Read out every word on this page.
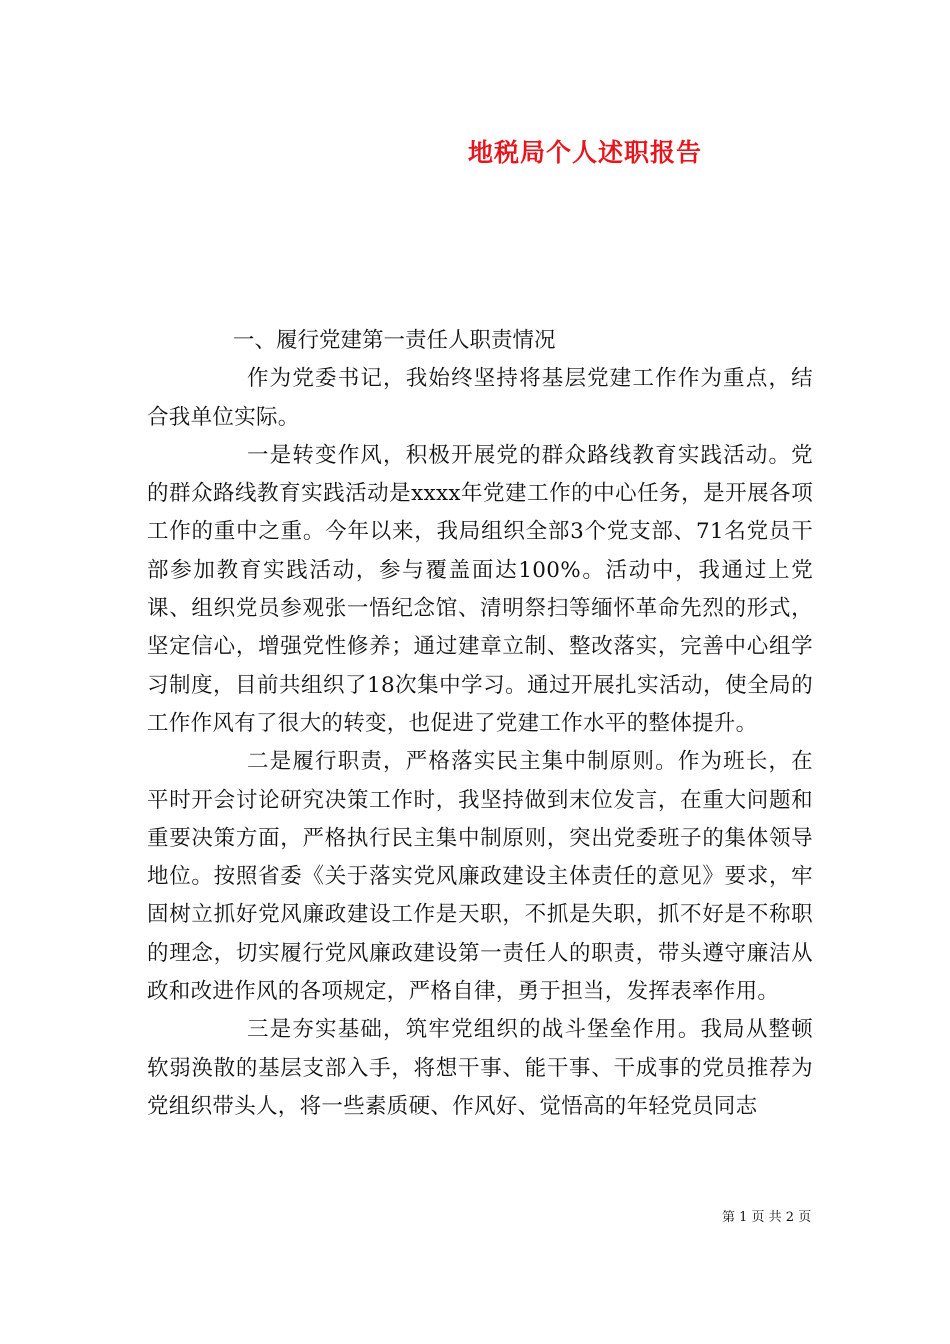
地税局个人述职报告

一、履行党建第一责任人职责情况

作为党委书记，我始终坚持将基层党建工作作为重点，结合我单位实际。

一是转变作风，积极开展党的群众路线教育实践活动。党的群众路线教育实践活动是xxxx年党建工作的中心任务，是开展各项工作的重中之重。今年以来，我局组织全部3个党支部、71名党员干部参加教育实践活动，参与覆盖面达100%。活动中，我通过上党课、组织党员参观张一悟纪念馆、清明祭扫等缅怀革命先烈的形式，坚定信心，增强党性修养；通过建章立制、整改落实，完善中心组学习制度，目前共组织了18次集中学习。通过开展扎实活动，使全局的工作作风有了很大的转变，也促进了党建工作水平的整体提升。

二是履行职责，严格落实民主集中制原则。作为班长，在平时开会讨论研究决策工作时，我坚持做到末位发言，在重大问题和重要决策方面，严格执行民主集中制原则，突出党委班子的集体领导地位。按照省委《关于落实党风廉政建设主体责任的意见》要求，牢固树立抓好党风廉政建设工作是天职，不抓是失职，抓不好是不称职的理念，切实履行党风廉政建设第一责任人的职责，带头遵守廉洁从政和改进作风的各项规定，严格自律，勇于担当，发挥表率作用。

三是夯实基础，筑牢党组织的战斗堡垒作用。我局从整顿软弱涣散的基层支部入手，将想干事、能干事、干成事的党员推荐为党组织带头人，将一些素质硬、作风好、觉悟高的年轻党员同志

第 1 页 共 2 页
